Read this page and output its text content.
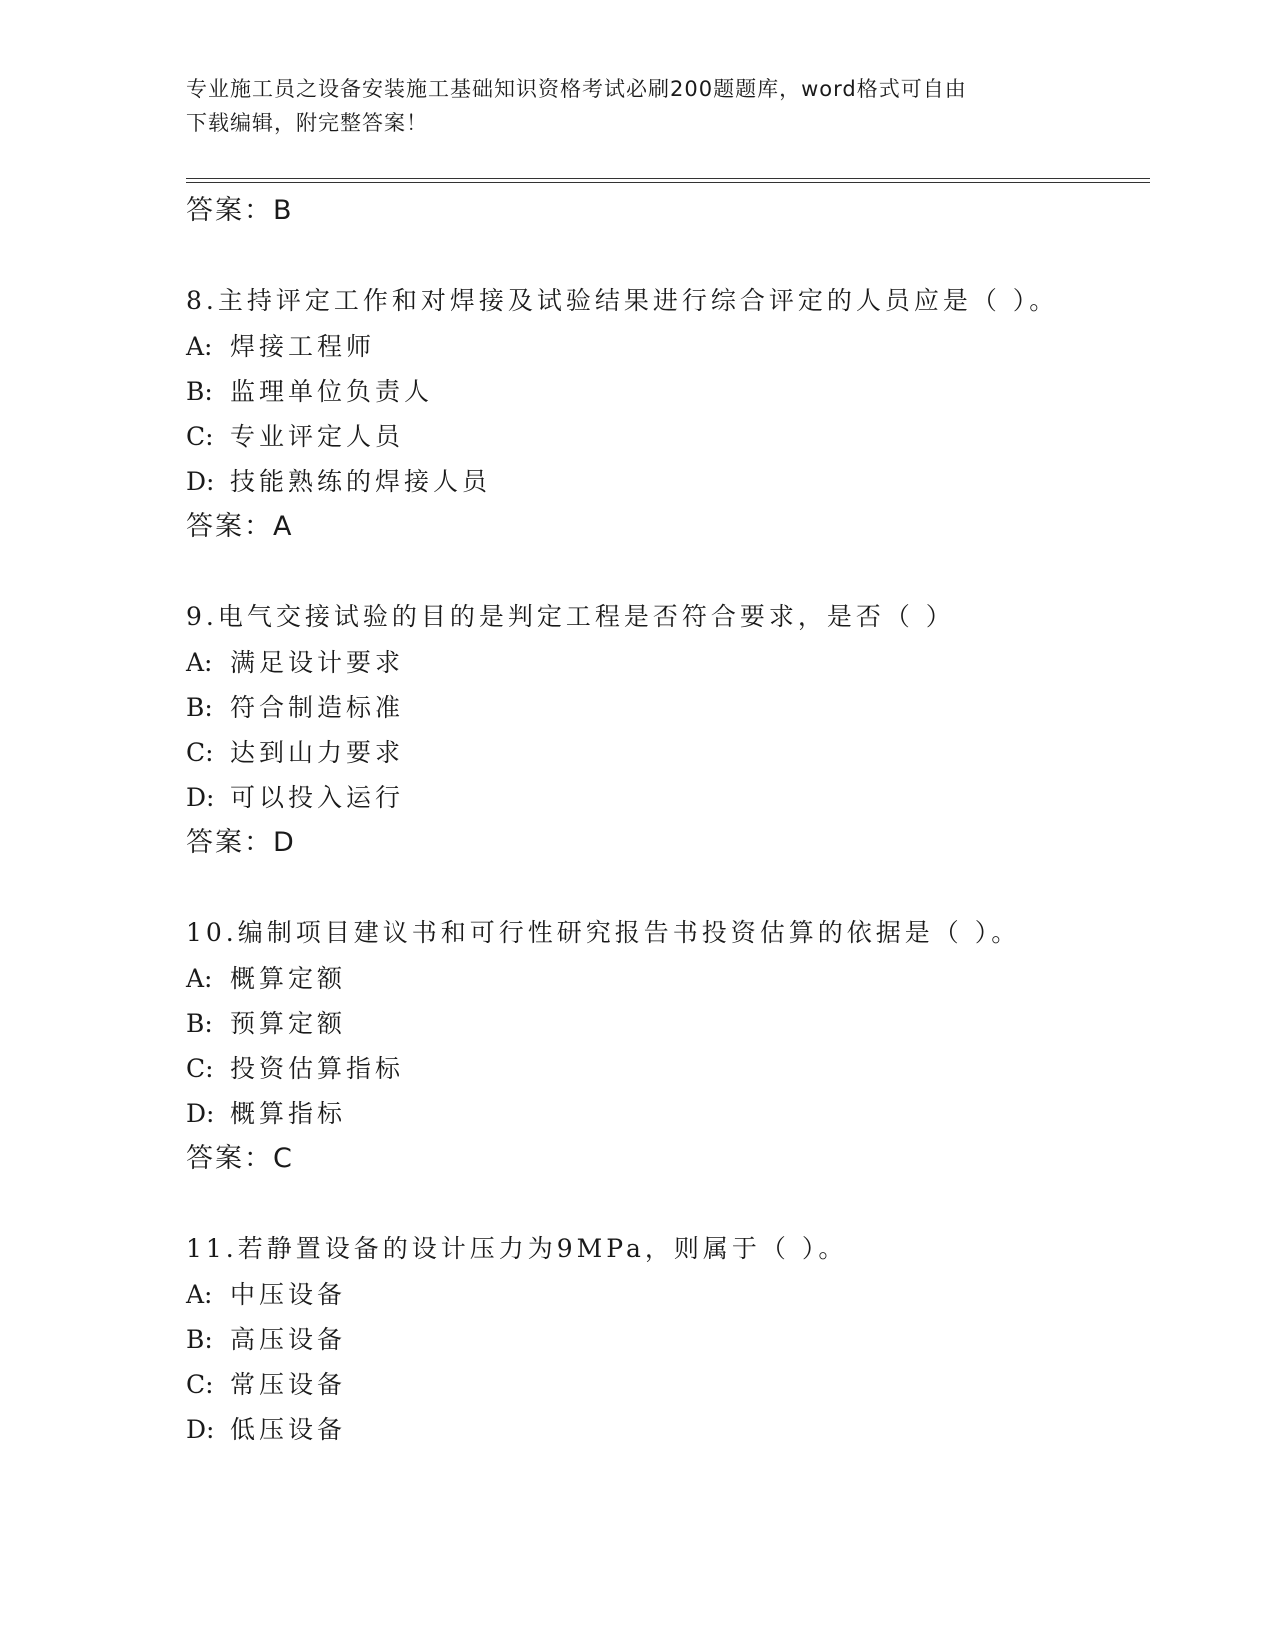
专业施工员之设备安装施工基础知识资格考试必刷200题题库，word格式可自由
下载编辑，附完整答案！
答案：B
8.主持评定工作和对焊接及试验结果进行综合评定的人员应是（ ）。
A: 焊接工程师
B: 监理单位负责人
C: 专业评定人员
D: 技能熟练的焊接人员
答案：A
9.电气交接试验的目的是判定工程是否符合要求，是否（ ）
A: 满足设计要求
B: 符合制造标准
C: 达到山力要求
D: 可以投入运行
答案：D
10.编制项目建议书和可行性研究报告书投资估算的依据是（ ）。
A: 概算定额
B: 预算定额
C: 投资估算指标
D: 概算指标
答案：C
11.若静置设备的设计压力为9MPa，则属于（ ）。
A: 中压设备
B: 高压设备
C: 常压设备
D: 低压设备
